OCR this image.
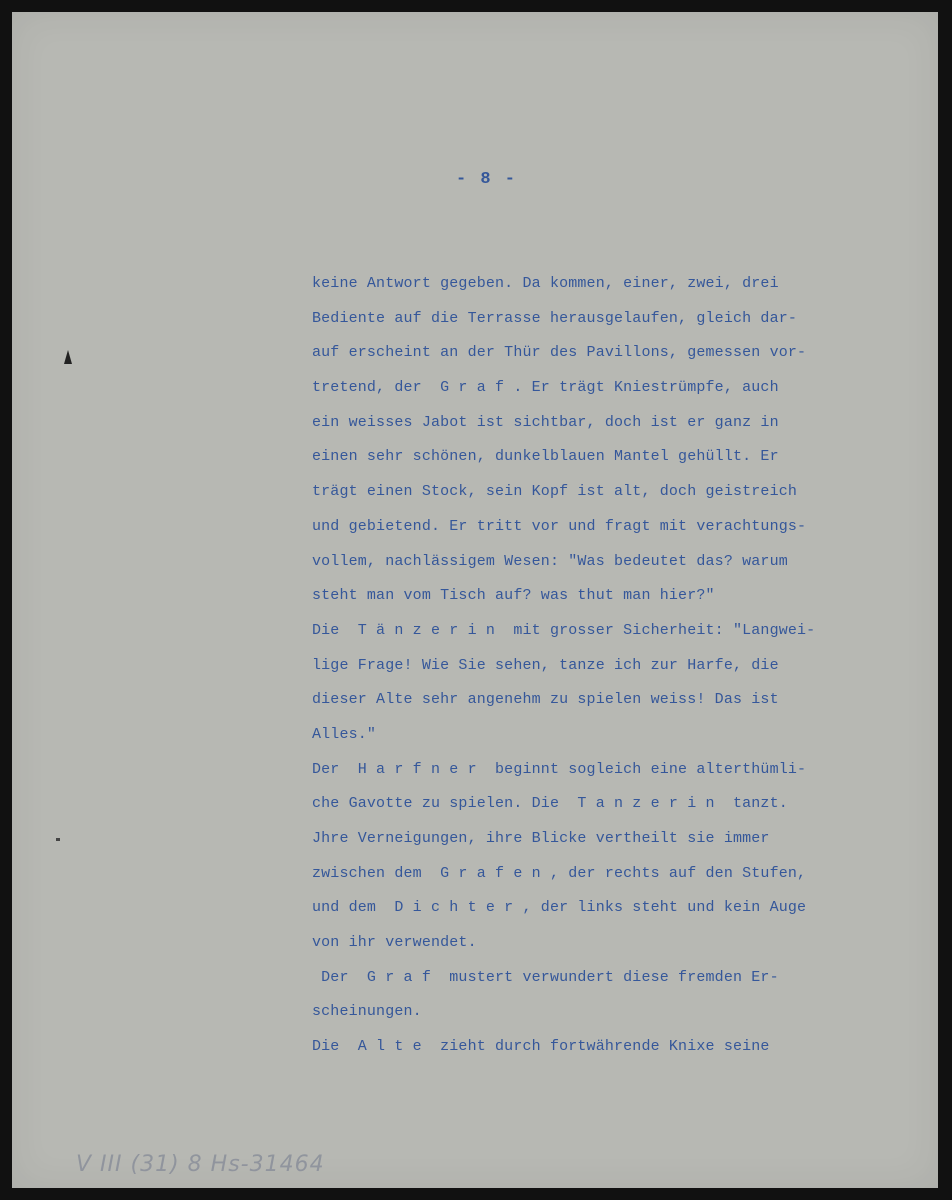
- 8 -
keine Antwort gegeben. Da kommen, einer, zwei, drei
Bediente auf die Terrasse herausgelaufen, gleich dar-
auf erscheint an der Thür des Pavillons, gemessen vor-
tretend, der  G r a f . Er trägt Kniestrümpfe, auch
ein weisses Jabot ist sichtbar, doch ist er ganz in
einen sehr schönen, dunkelblauen Mantel gehüllt. Er
trägt einen Stock, sein Kopf ist alt, doch geistreich
und gebietend. Er tritt vor und fragt mit verachtungs-
vollem, nachlässigem Wesen: "Was bedeutet das? warum
steht man vom Tisch auf? was thut man hier?"
Die  T ä n z e r i n  mit grosser Sicherheit: "Langwei-
lige Frage! Wie Sie sehen, tanze ich zur Harfe, die
dieser Alte sehr angenehm zu spielen weiss! Das ist
Alles."
Der  H a r f n e r  beginnt sogleich eine alterthümli-
che Gavotte zu spielen. Die  T a n z e r i n  tanzt.
Jhre Verneigungen, ihre Blicke vertheilt sie immer
zwischen dem  G r a f e n , der rechts auf den Stufen,
und dem  D i c h t e r , der links steht und kein Auge
von ihr verwendet.
Der  G r a f  mustert verwundert diese fremden Er-
scheinungen.
Die  A l t e  zieht durch fortwährende Knixe seine
V III (31) 8 Hs-31464
